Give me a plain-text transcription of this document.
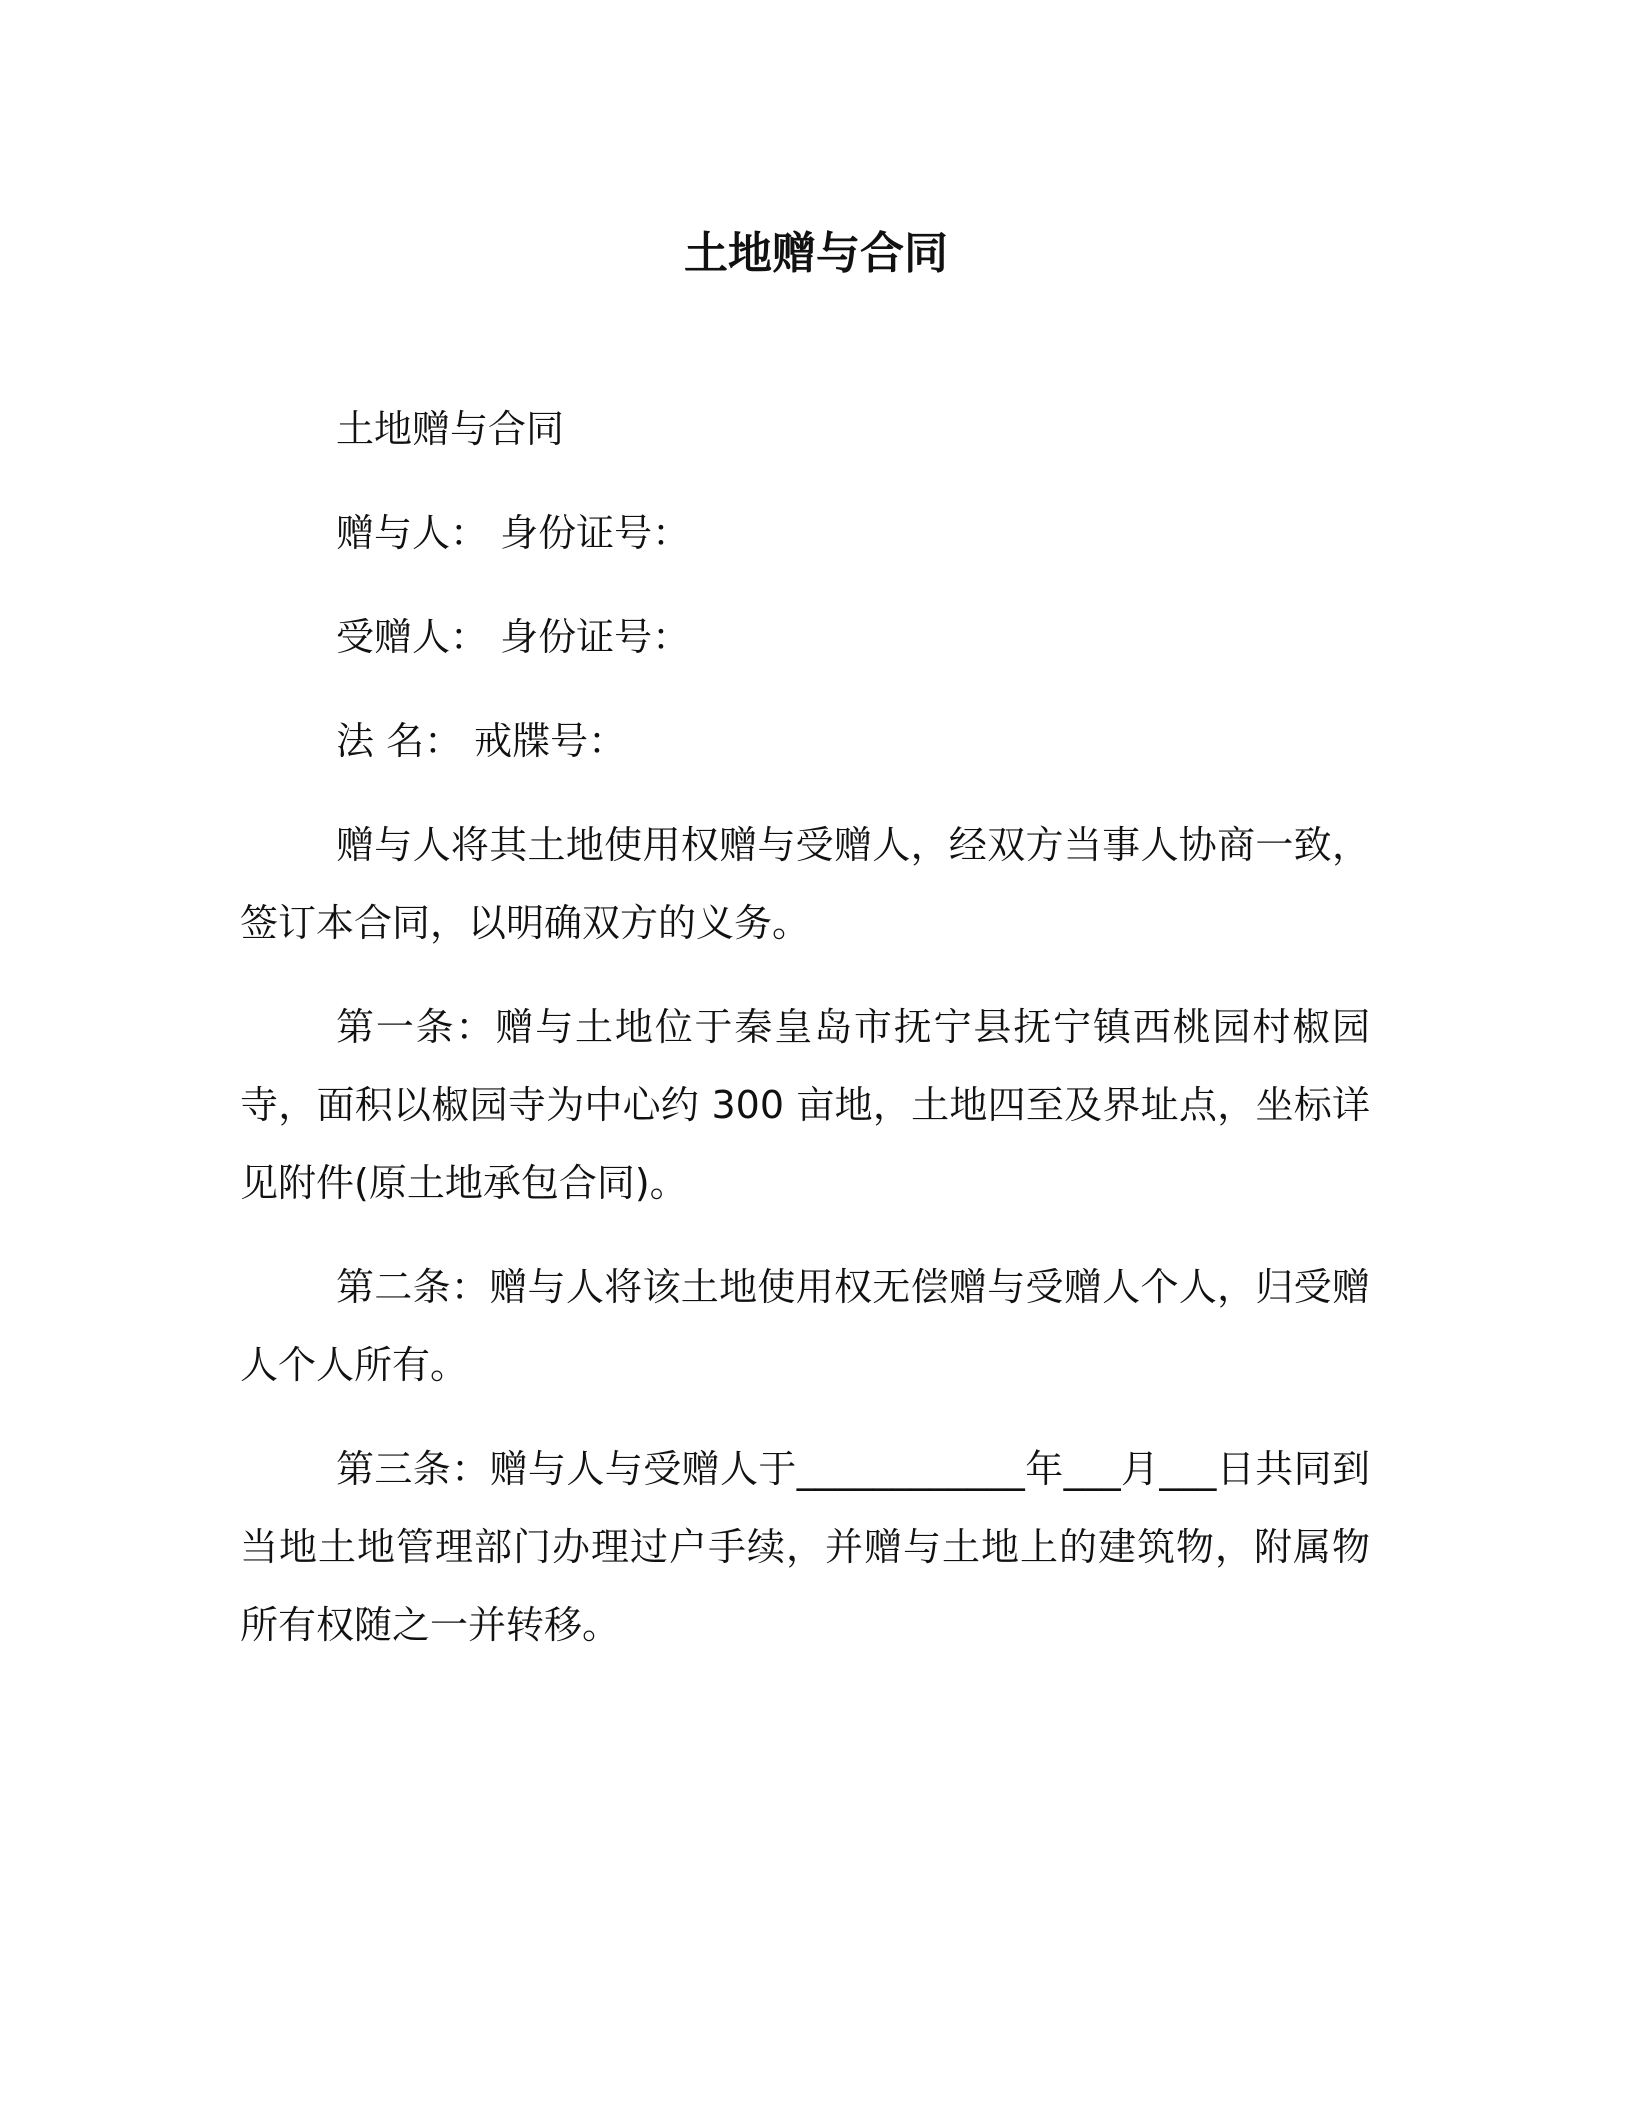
土地赠与合同

土地赠与合同

赠与人： 身份证号：

受赠人： 身份证号：

法 名： 戒牒号：

赠与人将其土地使用权赠与受赠人，经双方当事人协商一致，签订本合同，以明确双方的义务。

第一条：赠与土地位于秦皇岛市抚宁县抚宁镇西桃园村椒园寺，面积以椒园寺为中心约 300 亩地，土地四至及界址点，坐标详见附件(原土地承包合同)。

第二条：赠与人将该土地使用权无偿赠与受赠人个人，归受赠人个人所有。

第三条：赠与人与受赠人于____________年___月___日共同到当地土地管理部门办理过户手续，并赠与土地上的建筑物，附属物所有权随之一并转移。
